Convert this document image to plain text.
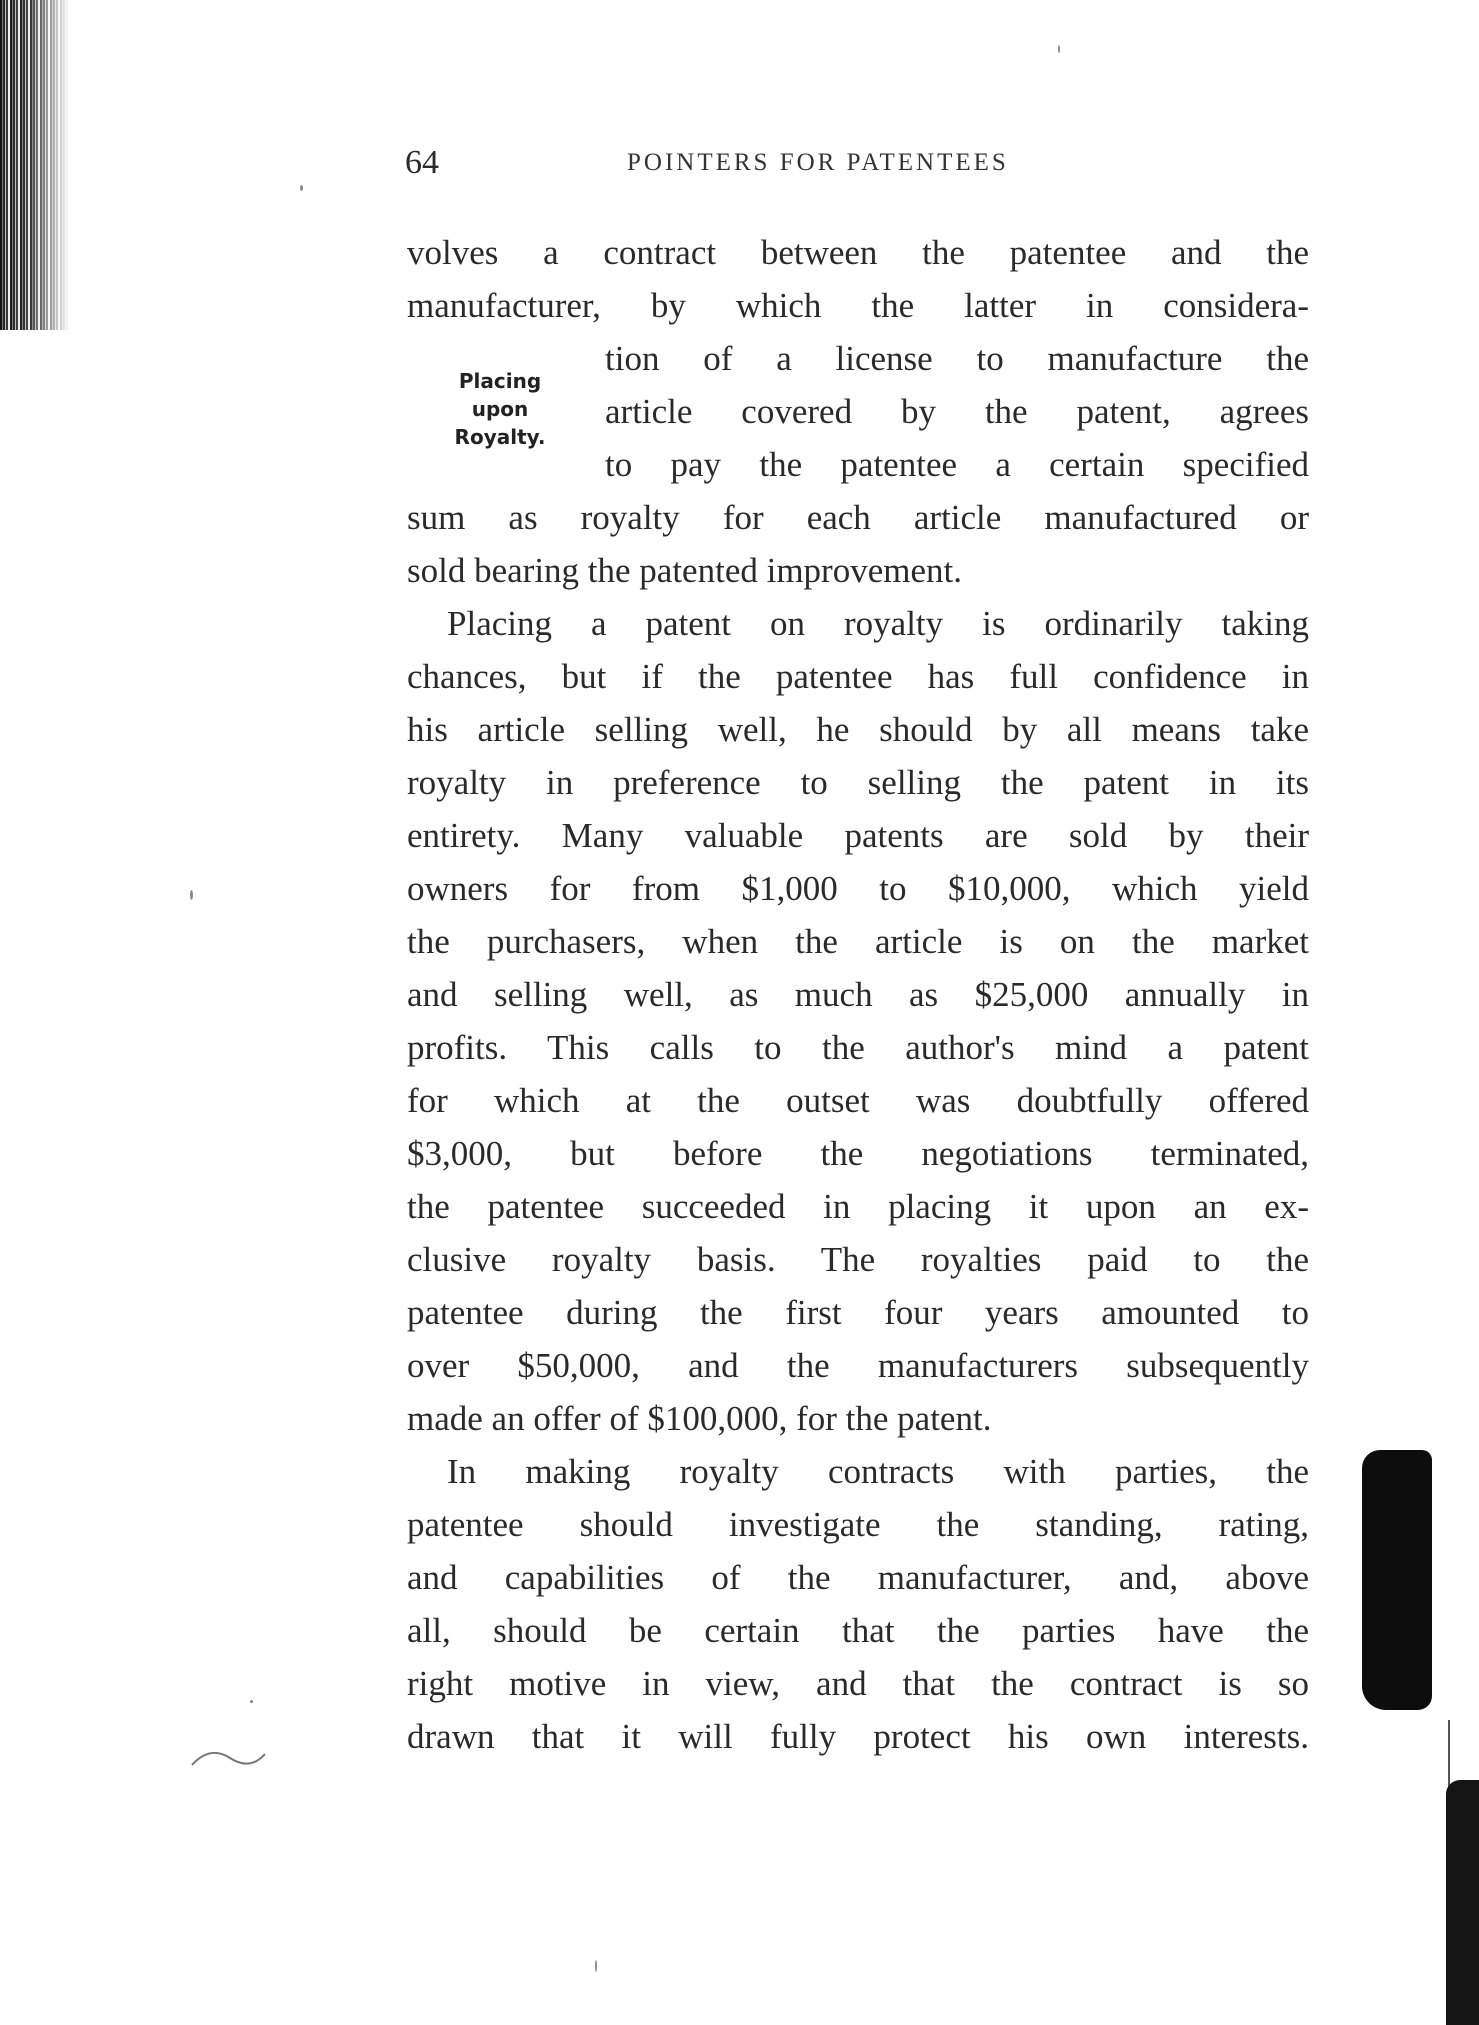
64	POINTERS FOR PATENTEES
Placing
upon
Royalty.
volves a contract between the patentee and the
manufacturer, by which the latter in considera-
tion of a license to manufacture the
article covered by the patent, agrees
to pay the patentee a certain specified
sum as royalty for each article manufactured or
sold bearing the patented improvement.
Placing a patent on royalty is ordinarily taking
chances, but if the patentee has full confidence in
his article selling well, he should by all means take
royalty in preference to selling the patent in its
entirety. Many valuable patents are sold by their
owners for from $1,000 to $10,000, which yield
the purchasers, when the article is on the market
and selling well, as much as $25,000 annually in
profits. This calls to the author's mind a patent
for which at the outset was doubtfully offered
$3,000, but before the negotiations terminated,
the patentee succeeded in placing it upon an ex-
clusive royalty basis. The royalties paid to the
patentee during the first four years amounted to
over $50,000, and the manufacturers subsequently
made an offer of $100,000, for the patent.
In making royalty contracts with parties, the
patentee should investigate the standing, rating,
and capabilities of the manufacturer, and, above
all, should be certain that the parties have the
right motive in view, and that the contract is so
drawn that it will fully protect his own interests.
